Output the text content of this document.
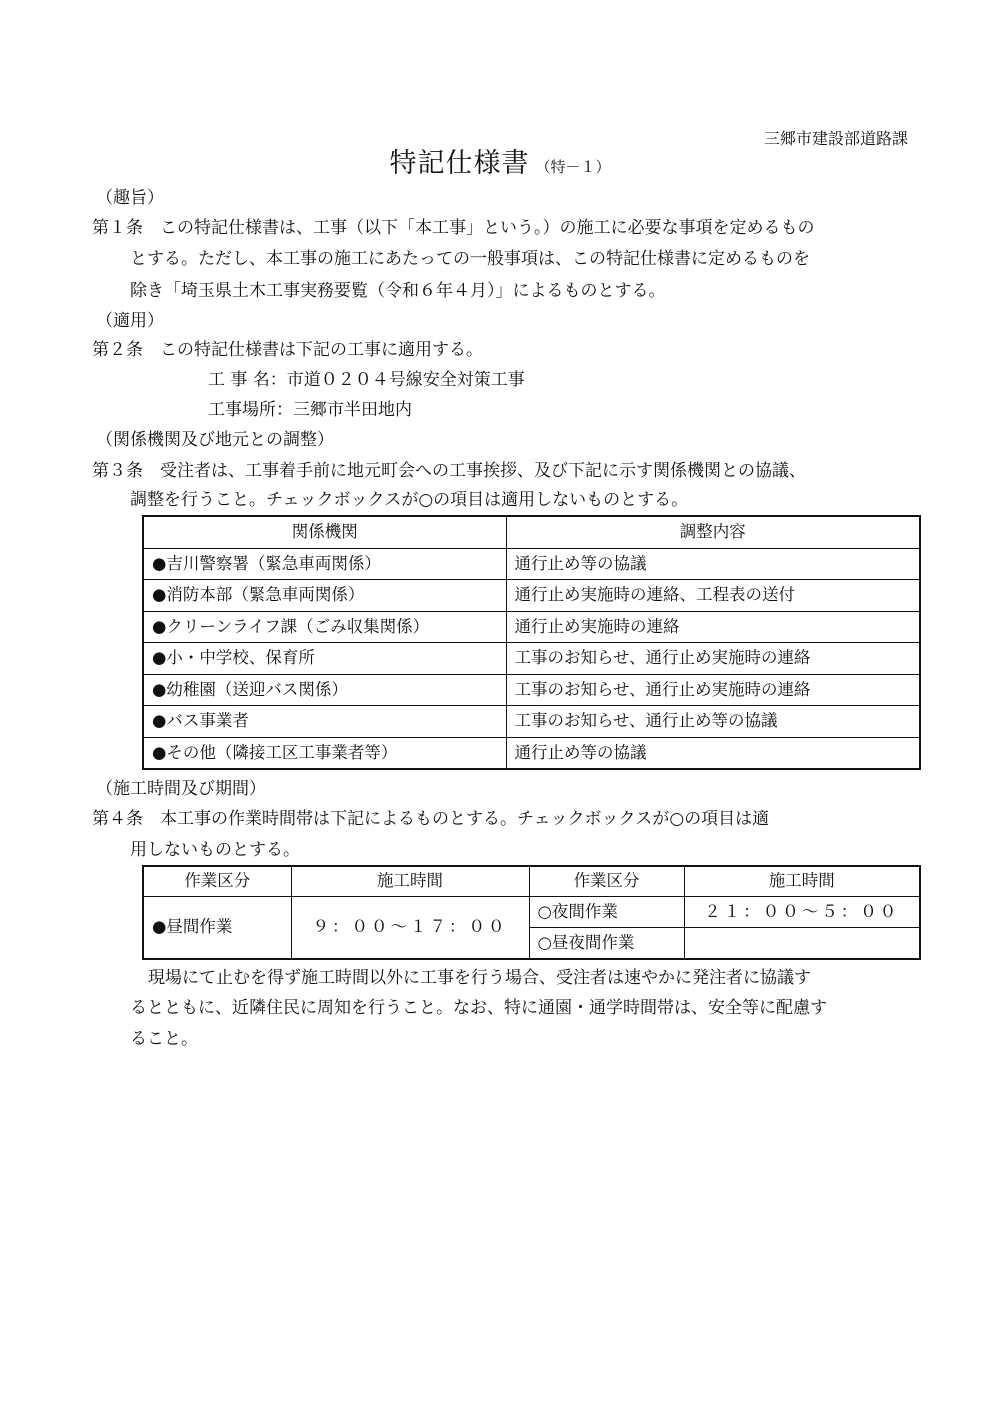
三郷市建設部道路課
特記仕様書 （特－１）
（趣旨）
第１条　この特記仕様書は、工事（以下「本工事」という。）の施工に必要な事項を定めるもの
とする。ただし、本工事の施工にあたっての一般事項は、この特記仕様書に定めるものを
除き「埼玉県土木工事実務要覧（令和６年４月）」によるものとする。
（適用）
第２条　この特記仕様書は下記の工事に適用する。
工 事 名：市道０２０４号線安全対策工事
工事場所：三郷市半田地内
（関係機関及び地元との調整）
第３条　受注者は、工事着手前に地元町会への工事挨拶、及び下記に示す関係機関との協議、
調整を行うこと。チェックボックスが○の項目は適用しないものとする。
関係機関	調整内容
●吉川警察署（緊急車両関係）	通行止め等の協議
●消防本部（緊急車両関係）	通行止め実施時の連絡、工程表の送付
●クリーンライフ課（ごみ収集関係）	通行止め実施時の連絡
●小・中学校、保育所	工事のお知らせ、通行止め実施時の連絡
●幼稚園（送迎バス関係）	工事のお知らせ、通行止め実施時の連絡
●バス事業者	工事のお知らせ、通行止め等の協議
●その他（隣接工区工事業者等）	通行止め等の協議
（施工時間及び期間）
第４条　本工事の作業時間帯は下記によるものとする。チェックボックスが○の項目は適
用しないものとする。
作業区分	施工時間	作業区分	施工時間
●昼間作業	９：００～１７：００	○夜間作業	２１：００～５：００
		○昼夜間作業	
現場にて止むを得ず施工時間以外に工事を行う場合、受注者は速やかに発注者に協議す
るとともに、近隣住民に周知を行うこと。なお、特に通園・通学時間帯は、安全等に配慮す
ること。
